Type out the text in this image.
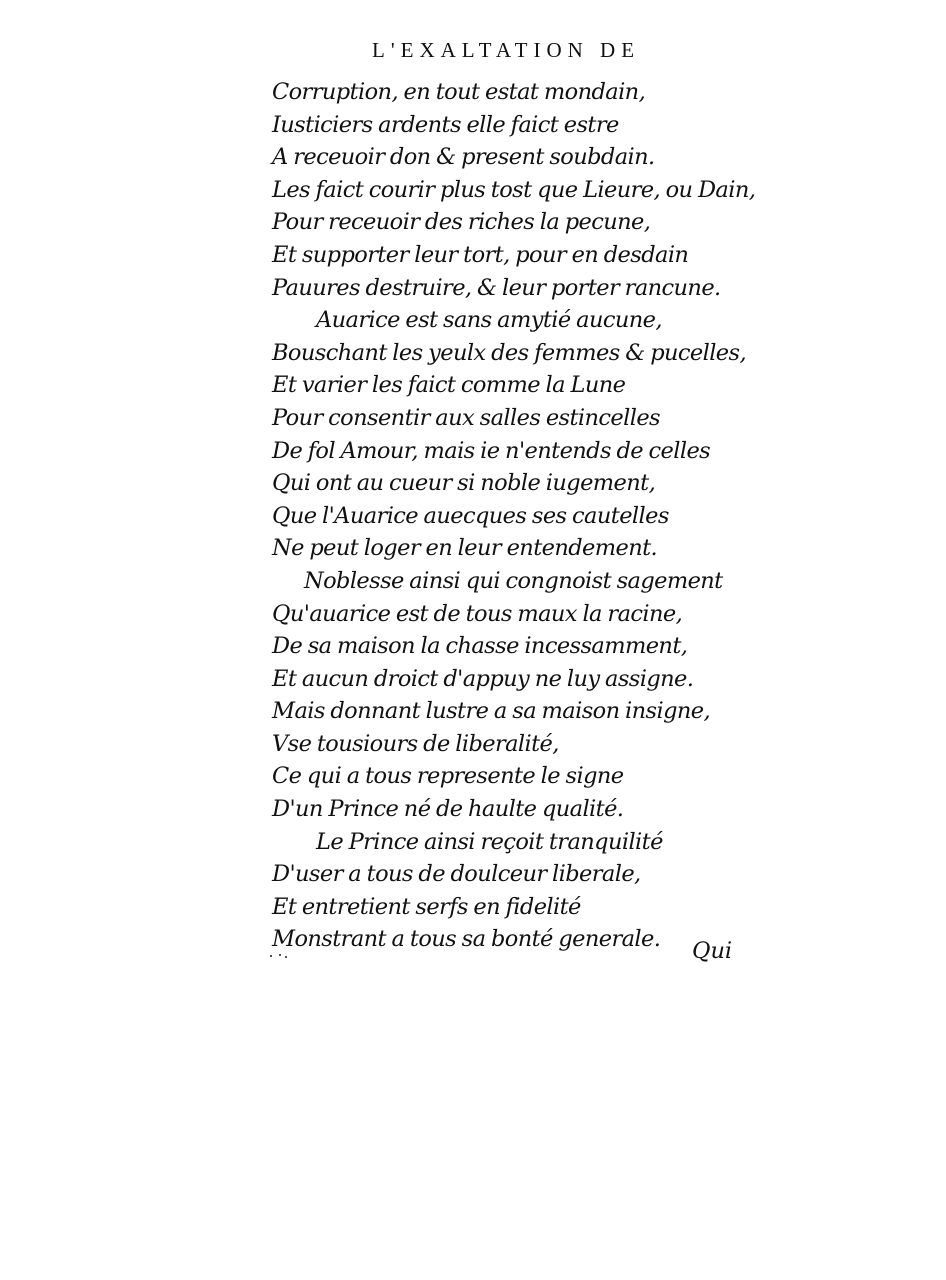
L'EXALTATION DE
Corruption, en tout estat mondain,
Iusticiers ardents elle faict estre
A receuoir don & present soubdain.
Les faict courir plus tost que Lieure, ou Dain,
Pour receuoir des riches la pecune,
Et supporter leur tort, pour en desdain
Pauures destruire, & leur porter rancune.
Auarice est sans amytié aucune,
Bouschant les yeulx des femmes & pucelles,
Et varier les faict comme la Lune
Pour consentir aux salles estincelles
De fol Amour, mais ie n'entends de celles
Qui ont au cueur si noble iugement,
Que l'Auarice auecques ses cautelles
Ne peut loger en leur entendement.
Noblesse ainsi qui congnoist sagement
Qu'auarice est de tous maux la racine,
De sa maison la chasse incessamment,
Et aucun droict d'appuy ne luy assigne.
Mais donnant lustre a sa maison insigne,
Vse tousiours de liberalité,
Ce qui a tous represente le signe
D'un Prince né de haulte qualité.
Le Prince ainsi reçoit tranquilité
D'user a tous de doulceur liberale,
Et entretient serfs en fidelité
Monstrant a tous sa bonté generale.	Qui
